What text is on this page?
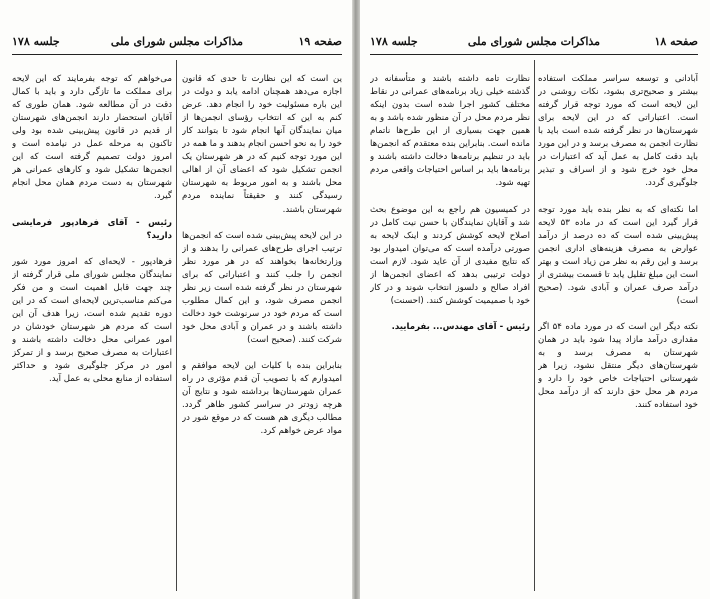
صفحه ۱۹
مذاکرات مجلس شورای ملی
جلسه ۱۷۸

ین است که این نظارت تا حدی که قانون اجازه می‌دهد همچنان ادامه یابد و دولت در این باره مسئولیت خود را انجام دهد. عرض کنم به این که انتخاب رؤسای انجمن‌ها از میان نمایندگان آنها انجام شود تا بتوانند کار خود را به نحو احسن انجام بدهند و ما همه در این مورد توجه کنیم که در هر شهرستان یک انجمن تشکیل شود که اعضای آن از اهالی محل باشند و به امور مربوط به شهرستان رسیدگی کنند و حقیقتاً نماینده مردم شهرستان باشند.

در این لایحه پیش‌بینی شده است که انجمن‌ها ترتیب اجرای طرح‌های عمرانی را بدهند و از وزارتخانه‌ها بخواهند که در هر مورد نظر انجمن را جلب کنند و اعتباراتی که برای شهرستان در نظر گرفته شده است زیر نظر انجمن مصرف شود، و این کمال مطلوب است که مردم خود در سرنوشت خود دخالت داشته باشند و در عمران و آبادی محل خود شرکت کنند. (صحیح است)

بنابراین بنده با کلیات این لایحه موافقم و امیدوارم که با تصویب آن قدم مؤثری در راه عمران شهرستان‌ها برداشته شود و نتایج آن هرچه زودتر در سراسر کشور ظاهر گردد. مطالب دیگری هم هست که در موقع شور در مواد عرض خواهم کرد.

می‌خواهم که توجه بفرمایند که این لایحه برای مملکت ما تازگی دارد و باید با کمال دقت در آن مطالعه شود. همان طوری که آقایان استحضار دارند انجمن‌های شهرستان از قدیم در قانون پیش‌بینی شده بود ولی تاکنون به مرحله عمل در نیامده است و امروز دولت تصمیم گرفته است که این انجمن‌ها تشکیل شود و کارهای عمرانی هر شهرستان به دست مردم همان محل انجام گیرد.

رئیس - آقای فرهادپور فرمایشی دارید؟

فرهادپور - لایحه‌ای که امروز مورد شور نمایندگان مجلس شورای ملی قرار گرفته از چند جهت قابل اهمیت است و من فکر می‌کنم مناسب‌ترین لایحه‌ای است که در این دوره تقدیم شده است، زیرا هدف آن این است که مردم هر شهرستان خودشان در امور عمرانی محل دخالت داشته باشند و اعتبارات به مصرف صحیح برسد و از تمرکز امور در مرکز جلوگیری شود و حداکثر استفاده از منابع محلی به عمل آید.

صفحه ۱۸
مذاکرات مجلس شورای ملی
جلسه ۱۷۸

آبادانی و توسعه سراسر مملکت استفاده بیشتر و صحیح‌تری بشود، نکات روشنی در این لایحه است که مورد توجه قرار گرفته است. اعتباراتی که در این لایحه برای شهرستان‌ها در نظر گرفته شده است باید با نظارت انجمن به مصرف برسد و در این مورد باید دقت کامل به عمل آید که اعتبارات در محل خود خرج شود و از اسراف و تبذیر جلوگیری گردد.

اما نکته‌ای که به نظر بنده باید مورد توجه قرار گیرد این است که در ماده ۵۳ لایحه پیش‌بینی شده است که ده درصد از درآمد عوارض به مصرف هزینه‌های اداری انجمن برسد و این رقم به نظر من زیاد است و بهتر است این مبلغ تقلیل یابد تا قسمت بیشتری از درآمد صرف عمران و آبادی شود. (صحیح است)

نکته دیگر این است که در مورد ماده ۵۴ اگر مقداری درآمد مازاد پیدا شود باید در همان شهرستان به مصرف برسد و به شهرستان‌های دیگر منتقل نشود، زیرا هر شهرستانی احتیاجات خاص خود را دارد و مردم هر محل حق دارند که از درآمد محل خود استفاده کنند.

نظارت تامه داشته باشند و متأسفانه در گذشته خیلی زیاد برنامه‌های عمرانی در نقاط مختلف کشور اجرا شده است بدون اینکه نظر مردم محل در آن منظور شده باشد و به همین جهت بسیاری از این طرح‌ها ناتمام مانده است. بنابراین بنده معتقدم که انجمن‌ها باید در تنظیم برنامه‌ها دخالت داشته باشند و برنامه‌ها باید بر اساس احتیاجات واقعی مردم تهیه شود.

در کمیسیون هم راجع به این موضوع بحث شد و آقایان نمایندگان با حسن نیت کامل در اصلاح لایحه کوشش کردند و اینک لایحه به صورتی درآمده است که می‌توان امیدوار بود که نتایج مفیدی از آن عاید شود. لازم است دولت ترتیبی بدهد که اعضای انجمن‌ها از افراد صالح و دلسوز انتخاب شوند و در کار خود با صمیمیت کوشش کنند. (احسنت)

رئیس - آقای مهندس... بفرمایید.
